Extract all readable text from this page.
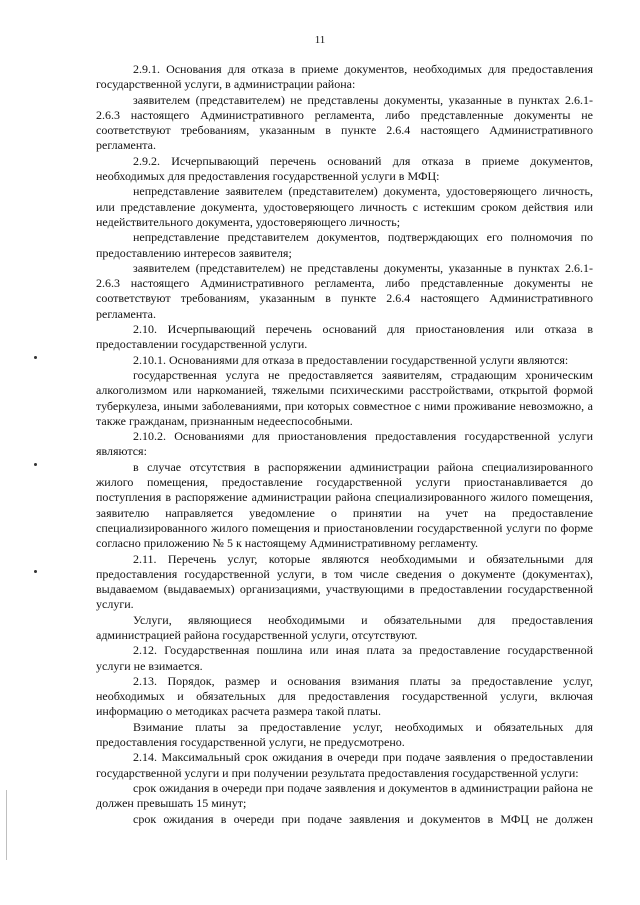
11

2.9.1. Основания для отказа в приеме документов, необходимых для предоставления государственной услуги, в администрации района:

заявителем (представителем) не представлены документы, указанные в пунктах 2.6.1-2.6.3 настоящего Административного регламента, либо представленные документы не соответствуют требованиям, указанным в пункте 2.6.4 настоящего Административного регламента.

2.9.2. Исчерпывающий перечень оснований для отказа в приеме документов, необходимых для предоставления государственной услуги в МФЦ:

непредставление заявителем (представителем) документа, удостоверяющего личность, или представление документа, удостоверяющего личность с истекшим сроком действия или недействительного документа, удостоверяющего личность;

непредставление представителем документов, подтверждающих его полномочия по предоставлению интересов заявителя;

заявителем (представителем) не представлены документы, указанные в пунктах 2.6.1-2.6.3 настоящего Административного регламента, либо представленные документы не соответствуют требованиям, указанным в пункте 2.6.4 настоящего Административного регламента.

2.10. Исчерпывающий перечень оснований для приостановления или отказа в предоставлении государственной услуги.

2.10.1. Основаниями для отказа в предоставлении государственной услуги являются:

государственная услуга не предоставляется заявителям, страдающим хроническим алкоголизмом или наркоманией, тяжелыми психическими расстройствами, открытой формой туберкулеза, иными заболеваниями, при которых совместное с ними проживание невозможно, а также гражданам, признанным недееспособными.

2.10.2. Основаниями для приостановления предоставления государственной услуги являются:

в случае отсутствия в распоряжении администрации района специализированного жилого помещения, предоставление государственной услуги приостанавливается до поступления в распоряжение администрации района специализированного жилого помещения, заявителю направляется уведомление о принятии на учет на предоставление специализированного жилого помещения и приостановлении государственной услуги по форме согласно приложению № 5 к настоящему Административному регламенту.

2.11. Перечень услуг, которые являются необходимыми и обязательными для предоставления государственной услуги, в том числе сведения о документе (документах), выдаваемом (выдаваемых) организациями, участвующими в предоставлении государственной услуги.

Услуги, являющиеся необходимыми и обязательными для предоставления администрацией района государственной услуги, отсутствуют.

2.12. Государственная пошлина или иная плата за предоставление государственной услуги не взимается.

2.13. Порядок, размер и основания взимания платы за предоставление услуг, необходимых и обязательных для предоставления государственной услуги, включая информацию о методиках расчета размера такой платы.

Взимание платы за предоставление услуг, необходимых и обязательных для предоставления государственной услуги, не предусмотрено.

2.14. Максимальный срок ожидания в очереди при подаче заявления о предоставлении государственной услуги и при получении результата предоставления государственной услуги:

срок ожидания в очереди при подаче заявления и документов в администрации района не должен превышать 15 минут;

срок ожидания в очереди при подаче заявления и документов в МФЦ не должен
